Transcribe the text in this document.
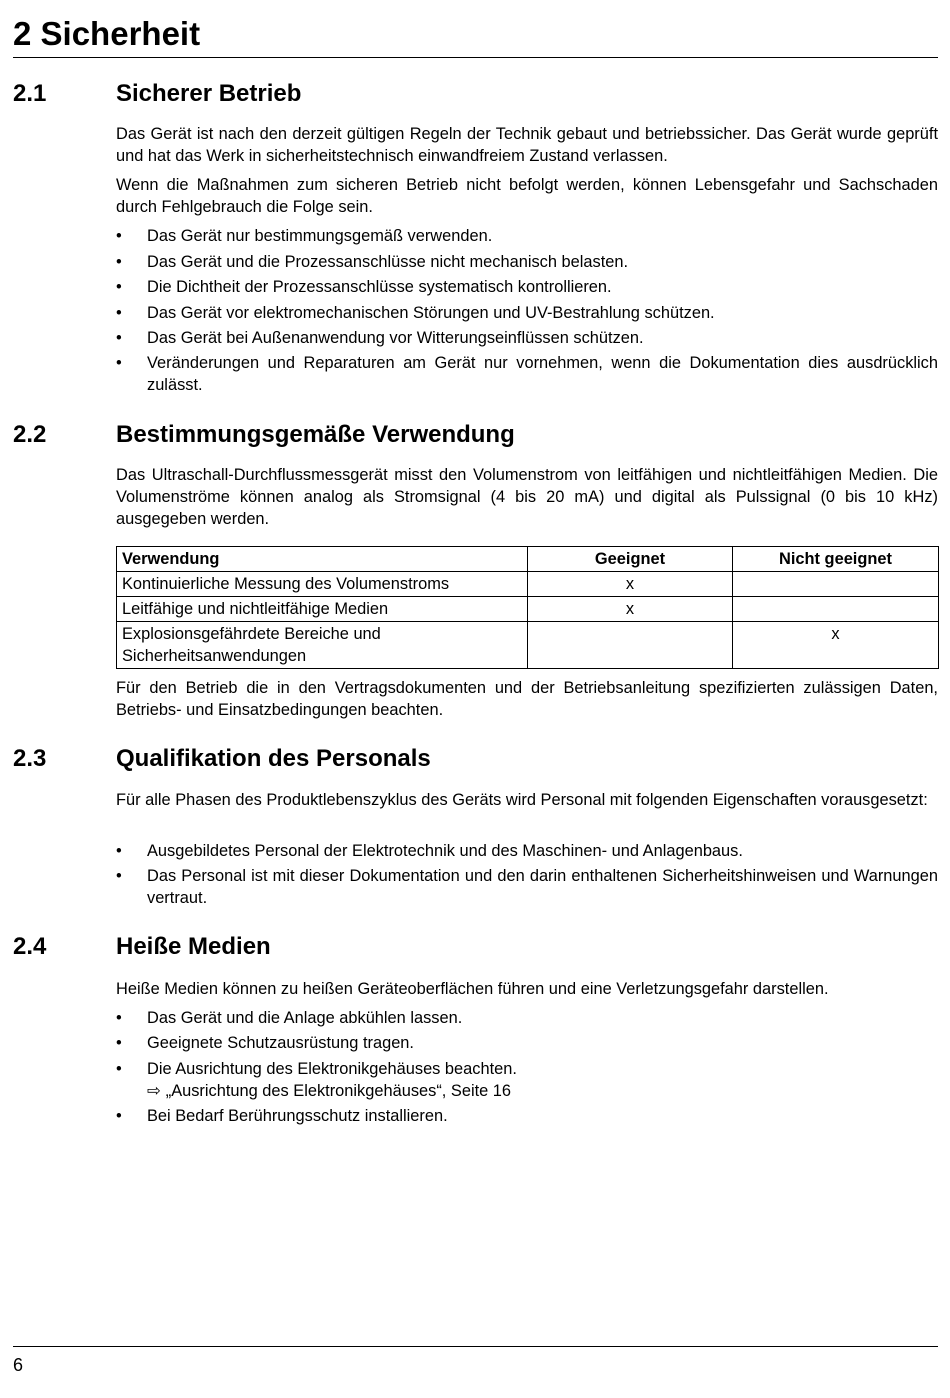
2 Sicherheit
2.1	Sicherer Betrieb

Das Gerät ist nach den derzeit gültigen Regeln der Technik gebaut und betriebssicher. Das Gerät wurde geprüft und hat das Werk in sicherheitstechnisch einwandfreiem Zustand verlassen.

Wenn die Maßnahmen zum sicheren Betrieb nicht befolgt werden, können Lebensgefahr und Sachschaden durch Fehlgebrauch die Folge sein.

• Das Gerät nur bestimmungsgemäß verwenden.
• Das Gerät und die Prozessanschlüsse nicht mechanisch belasten.
• Die Dichtheit der Prozessanschlüsse systematisch kontrollieren.
• Das Gerät vor elektromechanischen Störungen und UV-Bestrahlung schützen.
• Das Gerät bei Außenanwendung vor Witterungseinflüssen schützen.
• Veränderungen und Reparaturen am Gerät nur vornehmen, wenn die Dokumentation dies ausdrücklich zulässt.
2.2	Bestimmungsgemäße Verwendung

Das Ultraschall-Durchflussmessgerät misst den Volumenstrom von leitfähigen und nichtleitfähigen Medien. Die Volumenströme können analog als Stromsignal (4 bis 20 mA) und digital als Pulssignal (0 bis 10 kHz) ausgegeben werden.

Verwendung	Geeignet	Nicht geeignet
Kontinuierliche Messung des Volumenstroms	x	
Leitfähige und nichtleitfähige Medien	x	
Explosionsgefährdete Bereiche und Sicherheitsanwendungen		x

Für den Betrieb die in den Vertragsdokumenten und der Betriebsanleitung spezifizierten zulässigen Daten, Betriebs- und Einsatzbedingungen beachten.

2.3	Qualifikation des Personals

Für alle Phasen des Produktlebenszyklus des Geräts wird Personal mit folgenden Eigenschaften vorausgesetzt:

• Ausgebildetes Personal der Elektrotechnik und des Maschinen- und Anlagenbaus.
• Das Personal ist mit dieser Dokumentation und den darin enthaltenen Sicherheitshinweisen und Warnungen vertraut.
2.4	Heiße Medien

Heiße Medien können zu heißen Geräteoberflächen führen und eine Verletzungsgefahr darstellen.

• Das Gerät und die Anlage abkühlen lassen.
• Geeignete Schutzausrüstung tragen.
• Die Ausrichtung des Elektronikgehäuses beachten.
⇨ „Ausrichtung des Elektronikgehäuses“, Seite 16
• Bei Bedarf Berührungsschutz installieren.
6
